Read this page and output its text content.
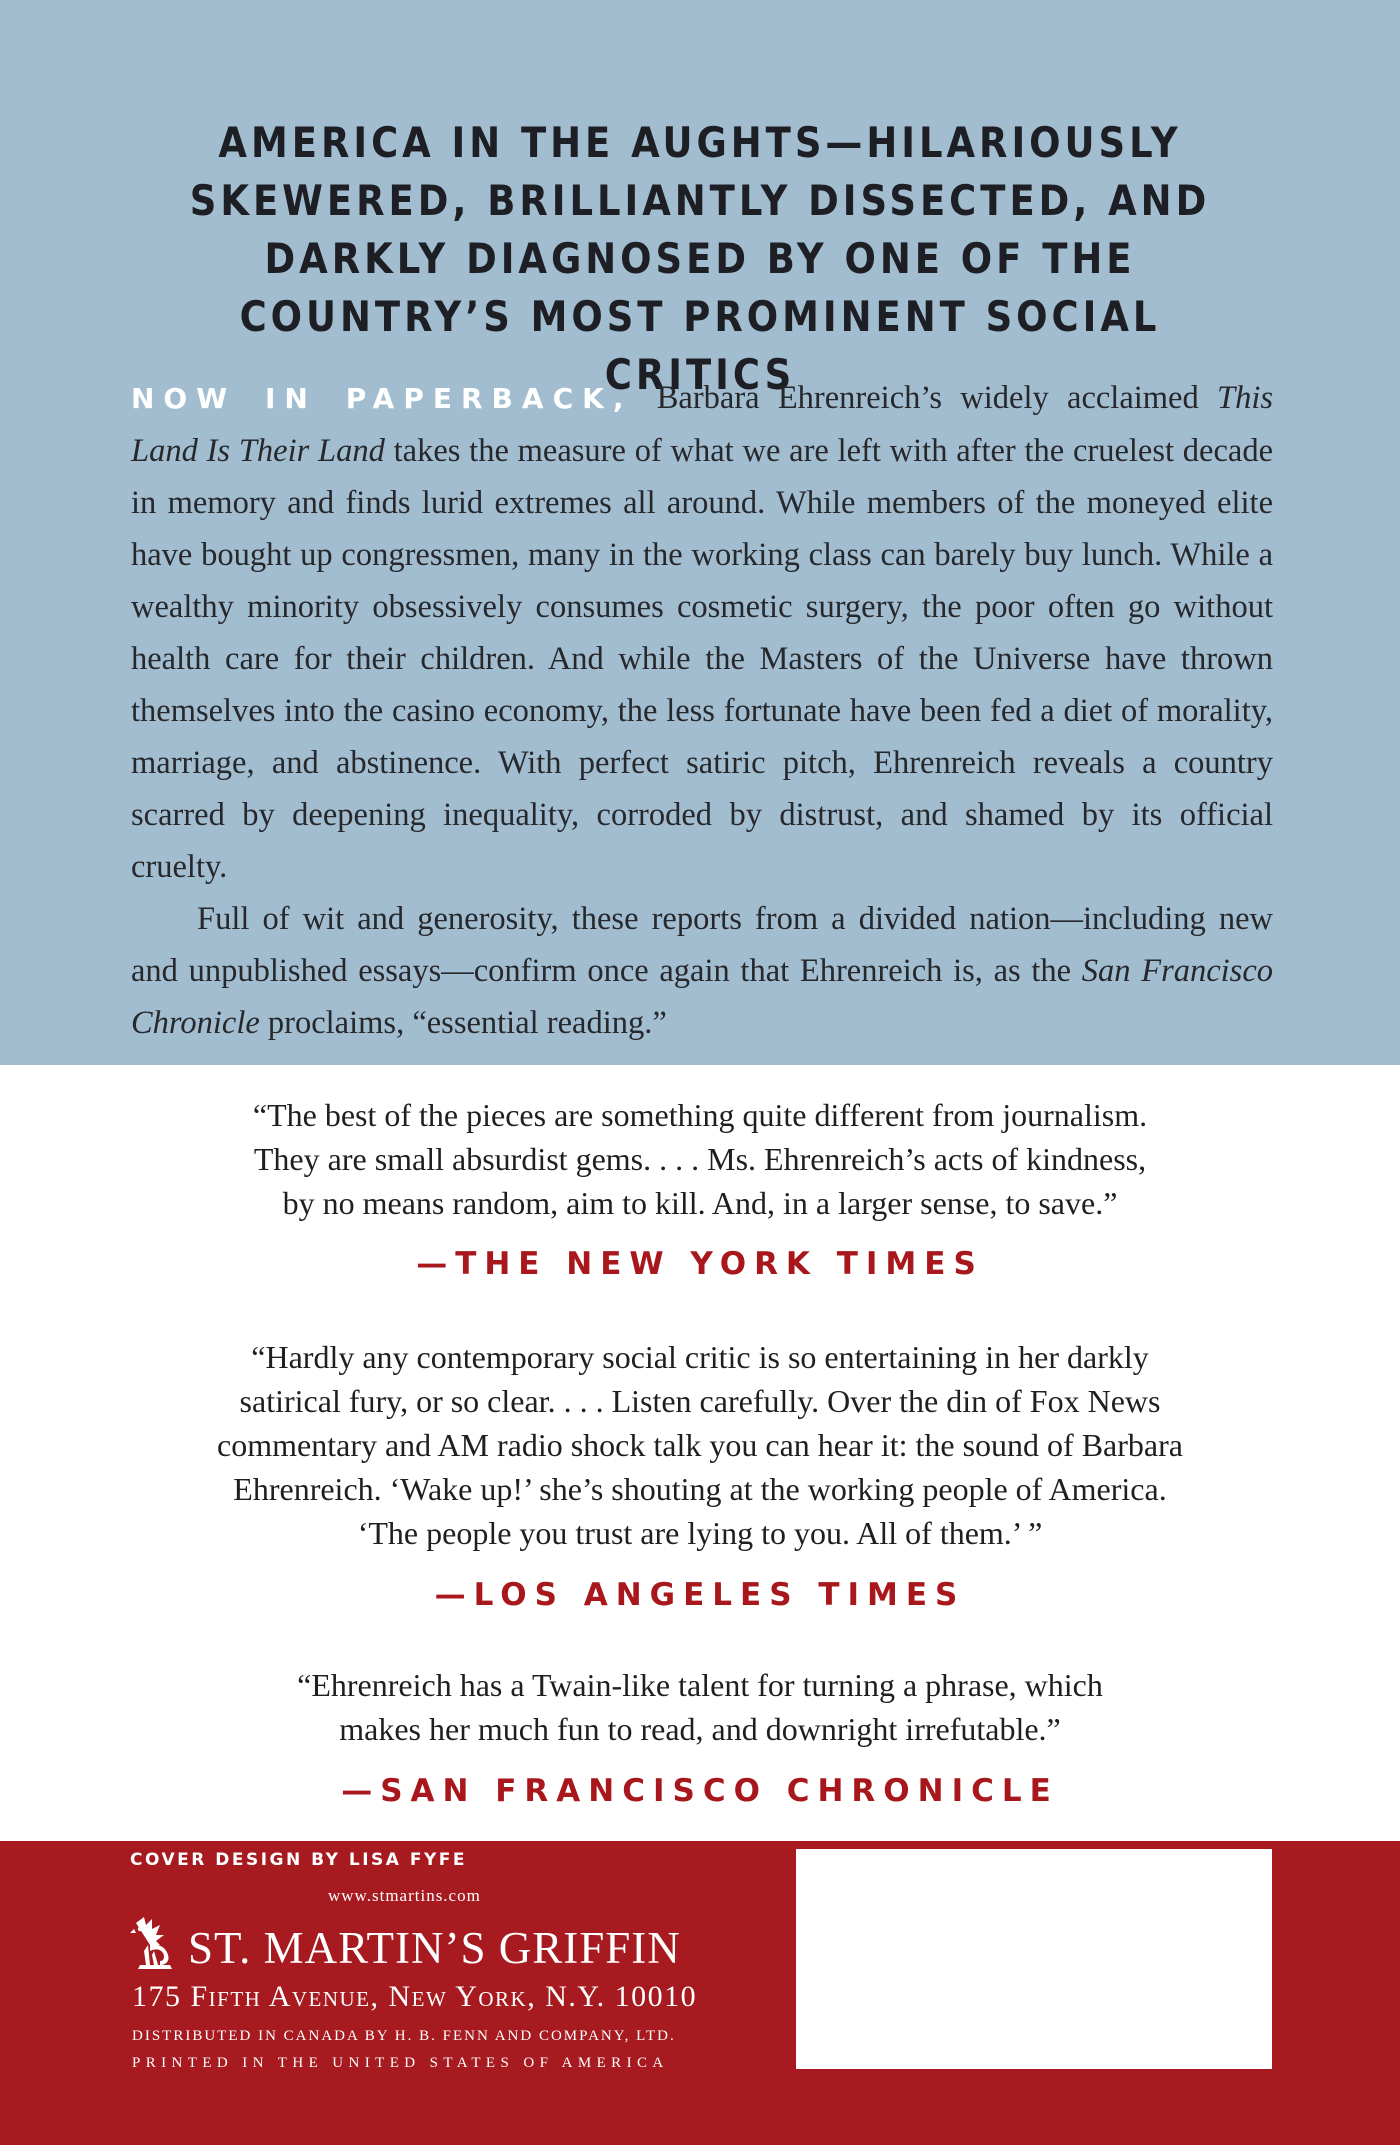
AMERICA IN THE AUGHTS—HILARIOUSLY
SKEWERED, BRILLIANTLY DISSECTED, AND
DARKLY DIAGNOSED BY ONE OF THE
COUNTRY’S MOST PROMINENT SOCIAL CRITICS

NOW IN PAPERBACK, Barbara Ehrenreich’s widely acclaimed This Land Is Their Land takes the measure of what we are left with after the cruelest decade in memory and finds lurid extremes all around. While members of the moneyed elite have bought up congressmen, many in the working class can barely buy lunch. While a wealthy minority obsessively consumes cosmetic surgery, the poor often go without health care for their children. And while the Masters of the Universe have thrown themselves into the casino economy, the less fortunate have been fed a diet of morality, marriage, and abstinence. With perfect satiric pitch, Ehrenreich reveals a country scarred by deepening inequality, corroded by distrust, and shamed by its official cruelty.

Full of wit and generosity, these reports from a divided nation—including new and unpublished essays—confirm once again that Ehrenreich is, as the San Francisco Chronicle proclaims, “essential reading.”

“The best of the pieces are something quite different from journalism.
They are small absurdist gems. . . . Ms. Ehrenreich’s acts of kindness,
by no means random, aim to kill. And, in a larger sense, to save.”
—THE NEW YORK TIMES
“Hardly any contemporary social critic is so entertaining in her darkly
satirical fury, or so clear. . . . Listen carefully. Over the din of Fox News
commentary and AM radio shock talk you can hear it: the sound of Barbara
Ehrenreich. ‘Wake up!’ she’s shouting at the working people of America.
‘The people you trust are lying to you. All of them.’ ”
—LOS ANGELES TIMES
“Ehrenreich has a Twain-like talent for turning a phrase, which
makes her much fun to read, and downright irrefutable.”
—SAN FRANCISCO CHRONICLE
COVER DESIGN BY LISA FYFE
www.stmartins.com
ST. MARTIN’S GRIFFIN
175 Fifth Avenue, New York, N.Y. 10010
DISTRIBUTED IN CANADA BY H. B. FENN AND COMPANY, LTD.
PRINTED IN THE UNITED STATES OF AMERICA
